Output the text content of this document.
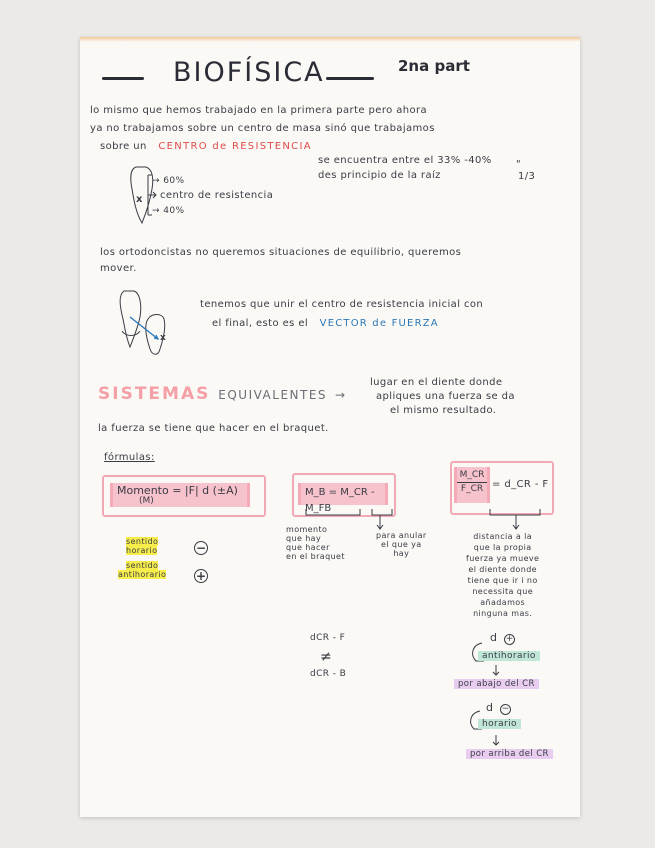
BIOFÍSICA	2na part
lo mismo que hemos trabajado en la primera parte pero ahora
ya no trabajamos sobre un centro de masa sinó que trabajamos
sobre un CENTRO de RESISTENCIA
x
→ 60%
centro de resistencia
→ 40%
se encuentra entre el 33% -40%
des principio de la raíz
"
1/3
los ortodoncistas no queremos situaciones de equilibrio, queremos
mover.
x
tenemos que unir el centro de resistencia inicial con
el final, esto es el VECTOR de FUERZA
SISTEMAS EQUIVALENTES →
lugar en el diente donde
apliques una fuerza se da
el mismo resultado.
la fuerza se tiene que hacer en el braquet.
fórmulas:
Momento = |F| d (±A)
(M)
M_B = M_CR - M_FB
$\frac{M\_CR}{F\_CR}$ = d_CR - F
sentido
horario	−
sentido
antihorario +
momento
que hay
que hacer
en el braquet
para anular
el que ya
hay
distancia a la
que la propia
fuerza ya mueve
el diente donde
tiene que ir i no
necessita que
añadamos
ninguna mas.
dCR - F
≠
dCR - B
d +
antihorario
por abajo del CR
d −
horario
por arriba del CR
